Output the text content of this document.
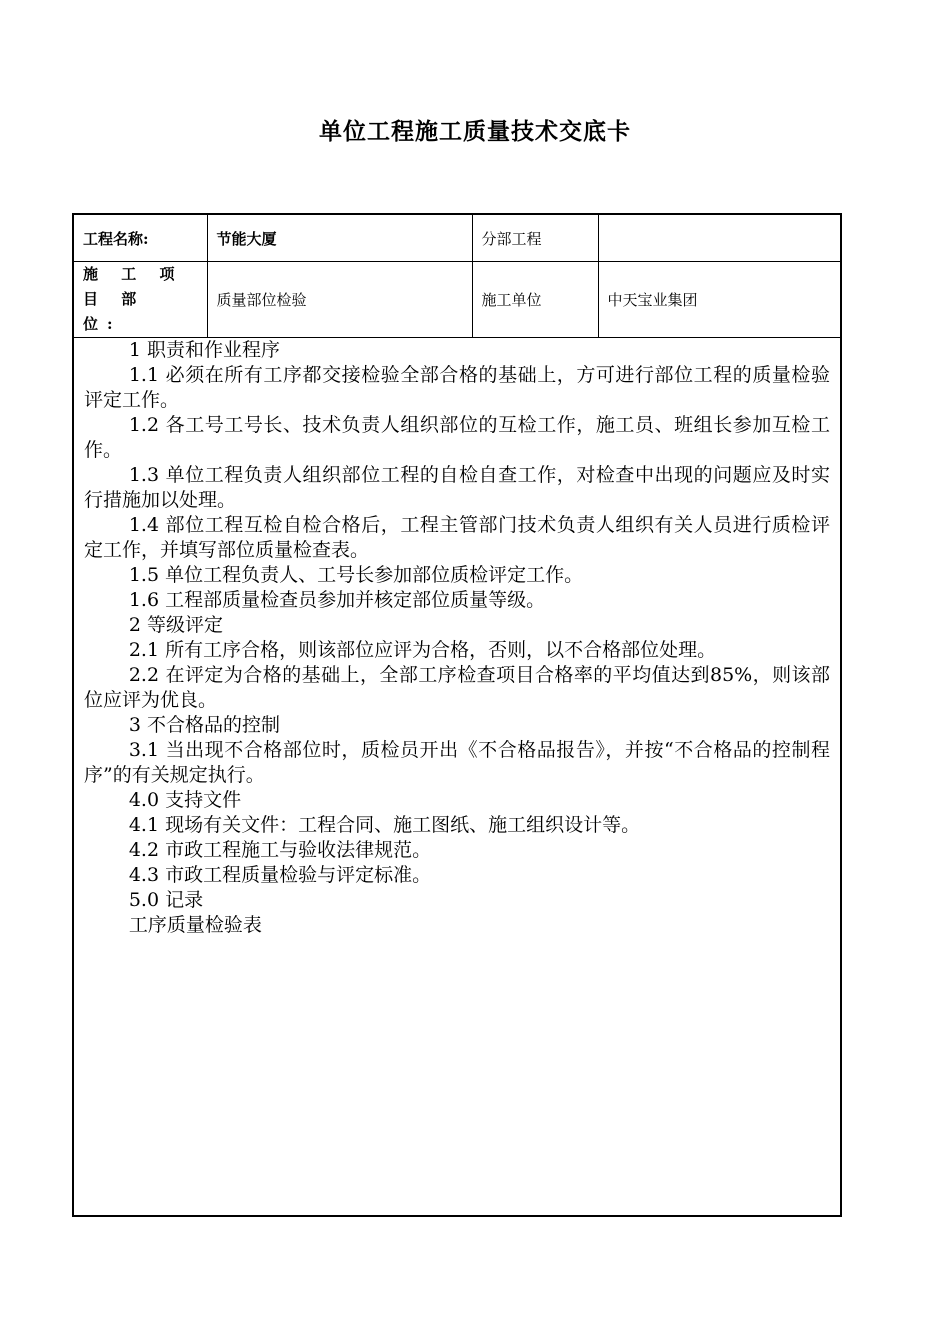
单位工程施工质量技术交底卡
工程名称:	节能大厦	分部工程	
施 工 项 目 部 位:	质量部位检验	施工单位	中天宝业集团

1 职责和作业程序

1.1 必须在所有工序都交接检验全部合格的基础上，方可进行部位工程的质量检验评定工作。

1.2 各工号工号长、技术负责人组织部位的互检工作，施工员、班组长参加互检工作。

1.3 单位工程负责人组织部位工程的自检自查工作，对检查中出现的问题应及时实行措施加以处理。

1.4 部位工程互检自检合格后，工程主管部门技术负责人组织有关人员进行质检评定工作，并填写部位质量检查表。

1.5 单位工程负责人、工号长参加部位质检评定工作。

1.6 工程部质量检查员参加并核定部位质量等级。

2 等级评定

2.1 所有工序合格，则该部位应评为合格，否则，以不合格部位处理。

2.2 在评定为合格的基础上，全部工序检查项目合格率的平均值达到85%，则该部位应评为优良。

3 不合格品的控制

3.1 当出现不合格部位时，质检员开出《不合格品报告》，并按“不合格品的控制程序”的有关规定执行。

4.0 支持文件

4.1 现场有关文件：工程合同、施工图纸、施工组织设计等。

4.2 市政工程施工与验收法律规范。

4.3 市政工程质量检验与评定标准。

5.0 记录

工序质量检验表
